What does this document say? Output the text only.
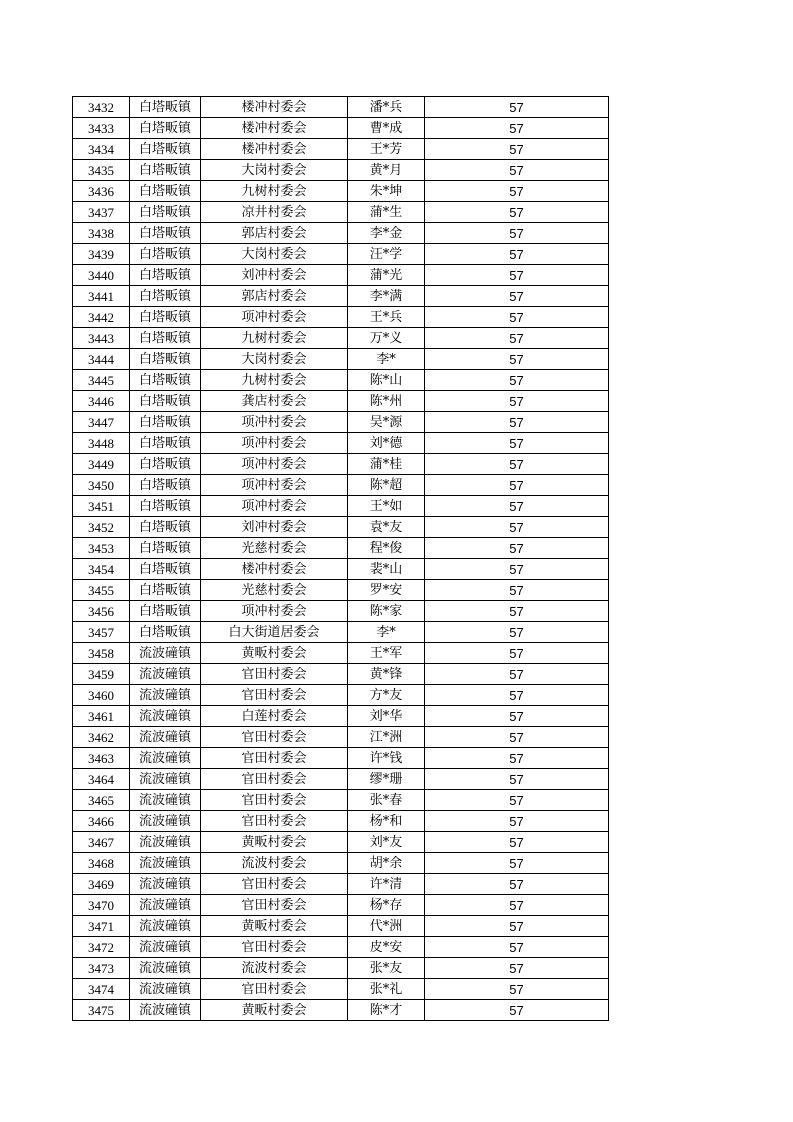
3432	白塔畈镇	楼冲村委会	潘*兵	57
3433	白塔畈镇	楼冲村委会	曹*成	57
3434	白塔畈镇	楼冲村委会	王*芳	57
3435	白塔畈镇	大岗村委会	黄*月	57
3436	白塔畈镇	九树村委会	朱*坤	57
3437	白塔畈镇	凉井村委会	蒲*生	57
3438	白塔畈镇	郭店村委会	李*金	57
3439	白塔畈镇	大岗村委会	汪*学	57
3440	白塔畈镇	刘冲村委会	蒲*光	57
3441	白塔畈镇	郭店村委会	李*满	57
3442	白塔畈镇	项冲村委会	王*兵	57
3443	白塔畈镇	九树村委会	万*义	57
3444	白塔畈镇	大岗村委会	李*	57
3445	白塔畈镇	九树村委会	陈*山	57
3446	白塔畈镇	龚店村委会	陈*州	57
3447	白塔畈镇	项冲村委会	吴*源	57
3448	白塔畈镇	项冲村委会	刘*德	57
3449	白塔畈镇	项冲村委会	蒲*桂	57
3450	白塔畈镇	项冲村委会	陈*超	57
3451	白塔畈镇	项冲村委会	王*如	57
3452	白塔畈镇	刘冲村委会	袁*友	57
3453	白塔畈镇	光慈村委会	程*俊	57
3454	白塔畈镇	楼冲村委会	裴*山	57
3455	白塔畈镇	光慈村委会	罗*安	57
3456	白塔畈镇	项冲村委会	陈*家	57
3457	白塔畈镇	白大街道居委会	李*	57
3458	流波䃥镇	黄畈村委会	王*军	57
3459	流波䃥镇	官田村委会	黄*锋	57
3460	流波䃥镇	官田村委会	方*友	57
3461	流波䃥镇	白莲村委会	刘*华	57
3462	流波䃥镇	官田村委会	江*洲	57
3463	流波䃥镇	官田村委会	许*钱	57
3464	流波䃥镇	官田村委会	缪*珊	57
3465	流波䃥镇	官田村委会	张*春	57
3466	流波䃥镇	官田村委会	杨*和	57
3467	流波䃥镇	黄畈村委会	刘*友	57
3468	流波䃥镇	流波村委会	胡*余	57
3469	流波䃥镇	官田村委会	许*清	57
3470	流波䃥镇	官田村委会	杨*存	57
3471	流波䃥镇	黄畈村委会	代*洲	57
3472	流波䃥镇	官田村委会	皮*安	57
3473	流波䃥镇	流波村委会	张*友	57
3474	流波䃥镇	官田村委会	张*礼	57
3475	流波䃥镇	黄畈村委会	陈*才	57
